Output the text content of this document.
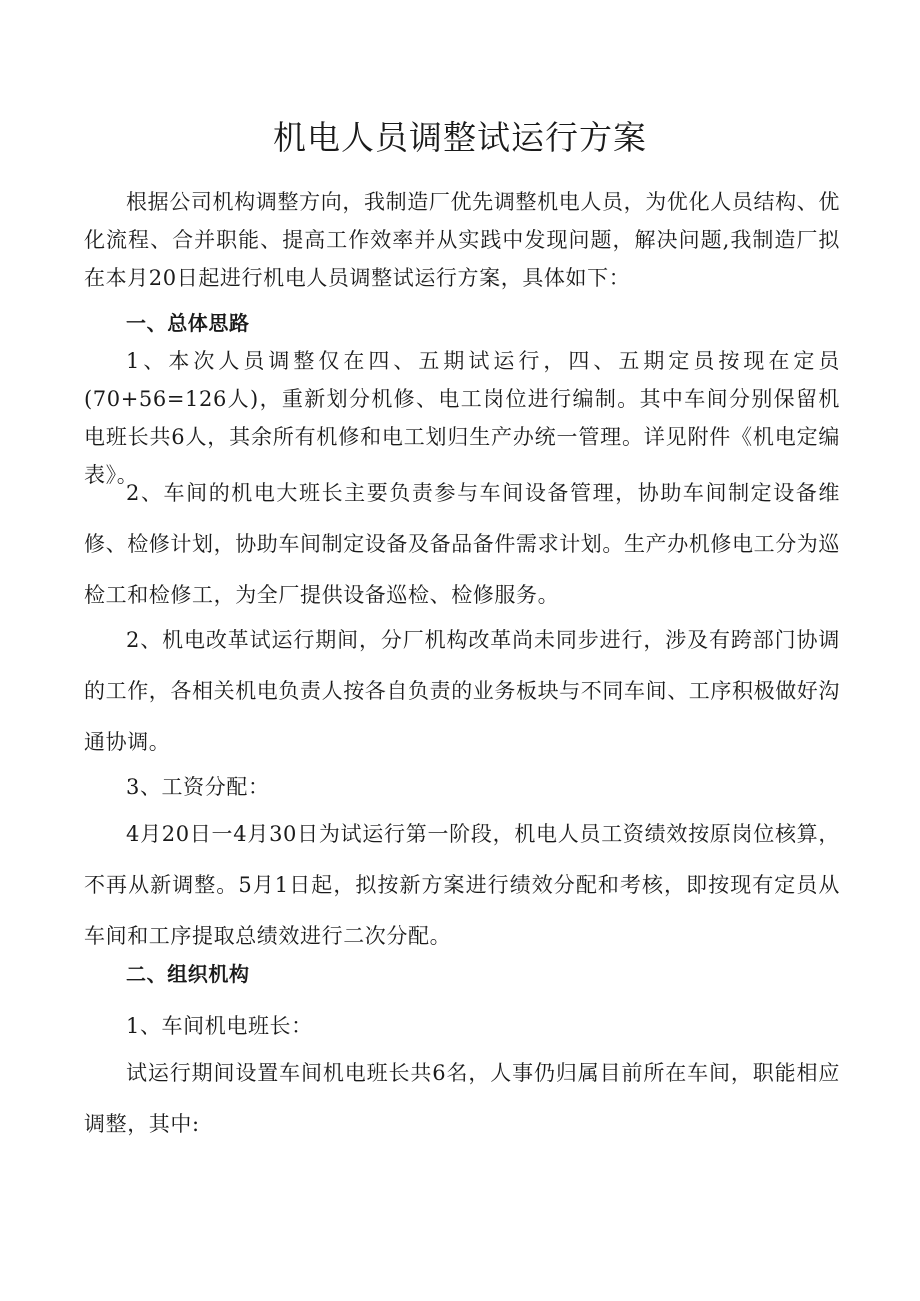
机电人员调整试运行方案

根据公司机构调整方向，我制造厂优先调整机电人员，为优化人员结构、优化流程、合并职能、提高工作效率并从实践中发现问题，解决问题,我制造厂拟在本月20日起进行机电人员调整试运行方案，具体如下：

一、总体思路

1、本次人员调整仅在四、五期试运行，四、五期定员按现在定员(70+56=126人)，重新划分机修、电工岗位进行编制。其中车间分别保留机电班长共6人，其余所有机修和电工划归生产办统一管理。详见附件《机电定编表》。

2、车间的机电大班长主要负责参与车间设备管理，协助车间制定设备维修、检修计划，协助车间制定设备及备品备件需求计划。生产办机修电工分为巡检工和检修工，为全厂提供设备巡检、检修服务。

2、机电改革试运行期间，分厂机构改革尚未同步进行，涉及有跨部门协调的工作，各相关机电负责人按各自负责的业务板块与不同车间、工序积极做好沟通协调。

3、工资分配：

4月20日一4月30日为试运行第一阶段，机电人员工资绩效按原岗位核算，不再从新调整。5月1日起，拟按新方案进行绩效分配和考核，即按现有定员从车间和工序提取总绩效进行二次分配。

二、组织机构

1、车间机电班长：

试运行期间设置车间机电班长共6名，人事仍归属目前所在车间，职能相应调整，其中:
